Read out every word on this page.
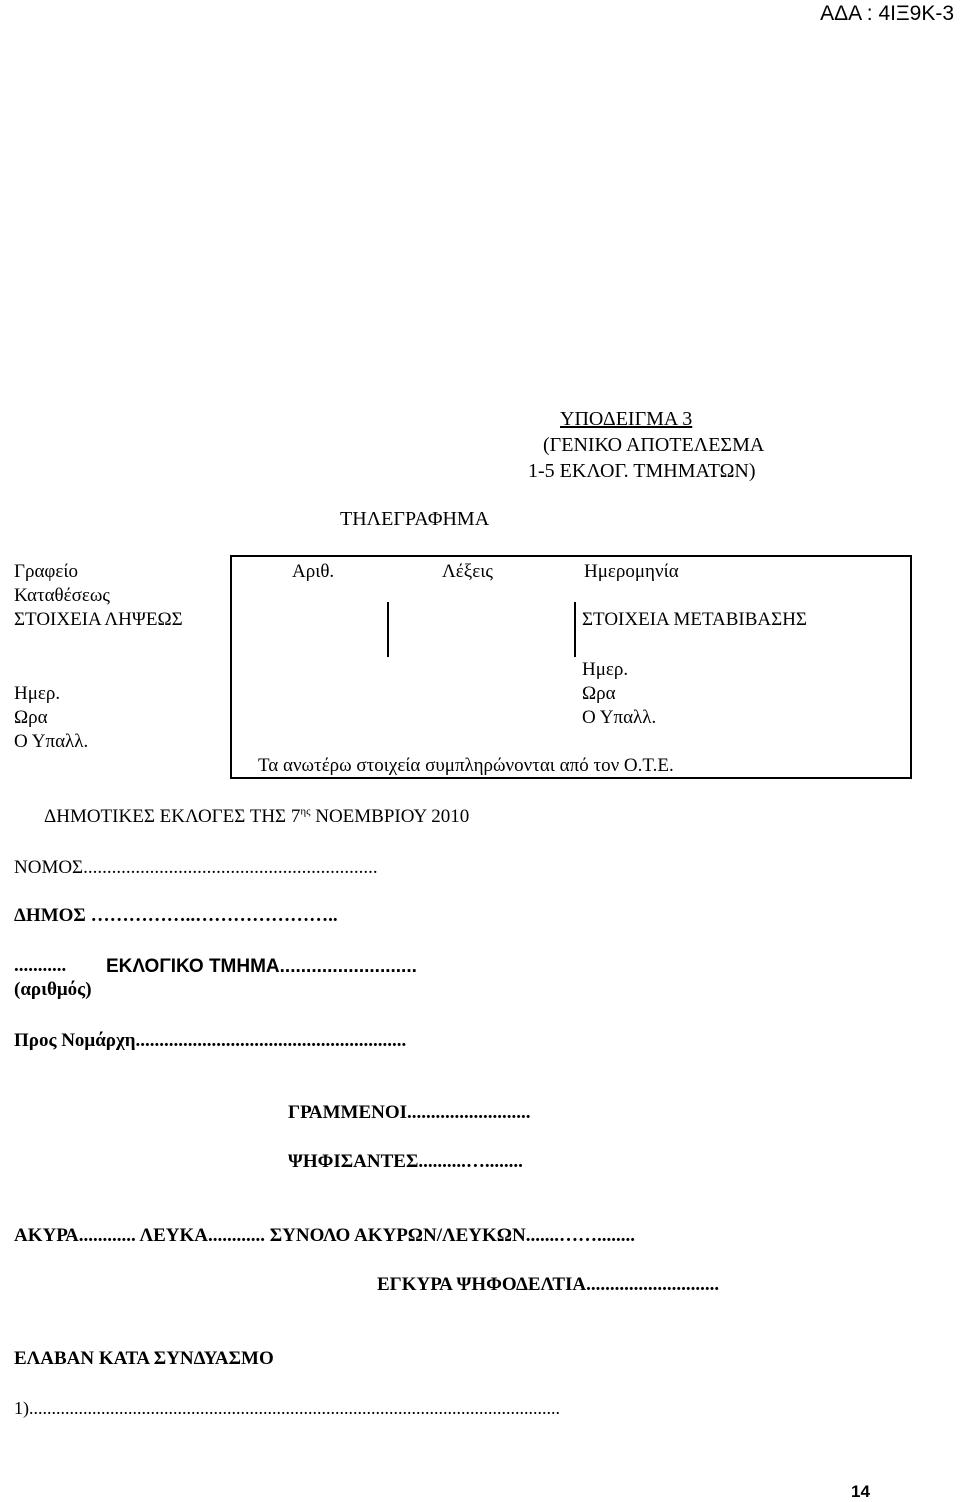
ΑΔΑ : 4ΙΞ9Κ-3
ΥΠΟΔΕΙΓΜΑ 3
(ΓΕΝΙΚΟ ΑΠΟΤΕΛΕΣΜΑ
1-5 ΕΚΛΟΓ. ΤΜΗΜΑΤΩΝ)
ΤΗΛΕΓΡΑΦΗΜΑ
Γραφείο
Καταθέσεως
ΣΤΟΙΧΕΙΑ ΛΗΨΕΩΣ
Ημερ.
Ωρα
Ο Υπαλλ.
Αριθ.	Λέξεις	Ημερομηνία
ΣΤΟΙΧΕΙΑ ΜΕΤΑΒΙΒΑΣΗΣ
Ημερ.
Ωρα
Ο Υπαλλ.
Τα ανωτέρω στοιχεία συμπληρώνονται από τον Ο.Τ.Ε.
ΔΗΜΟΤΙΚΕΣ ΕΚΛΟΓΕΣ ΤΗΣ $7^{\eta\varsigma}$ ΝΟΕΜΒΡΙΟΥ 2010
ΝΟΜΟΣ..............................................................
ΔΗΜΟΣ ……………..…………………..
........... ΕΚΛΟΓΙΚΟ ΤΜΗΜΑ..........................
(αριθμός)
Προς Νομάρχη.........................................................
ΓΡΑΜΜΕΝΟΙ..........................
ΨΗΦΙΣΑΝΤΕΣ..........…........
ΑΚΥΡΑ............ ΛΕΥΚΑ............ ΣΥΝΟΛΟ ΑΚΥΡΩΝ/ΛΕΥΚΩΝ.......……........
ΕΓΚΥΡΑ ΨΗΦΟΔΕΛΤΙΑ............................
ΕΛΑΒΑΝ ΚΑΤΑ ΣΥΝΔΥΑΣΜΟ
1)......................................................................................................................
14
